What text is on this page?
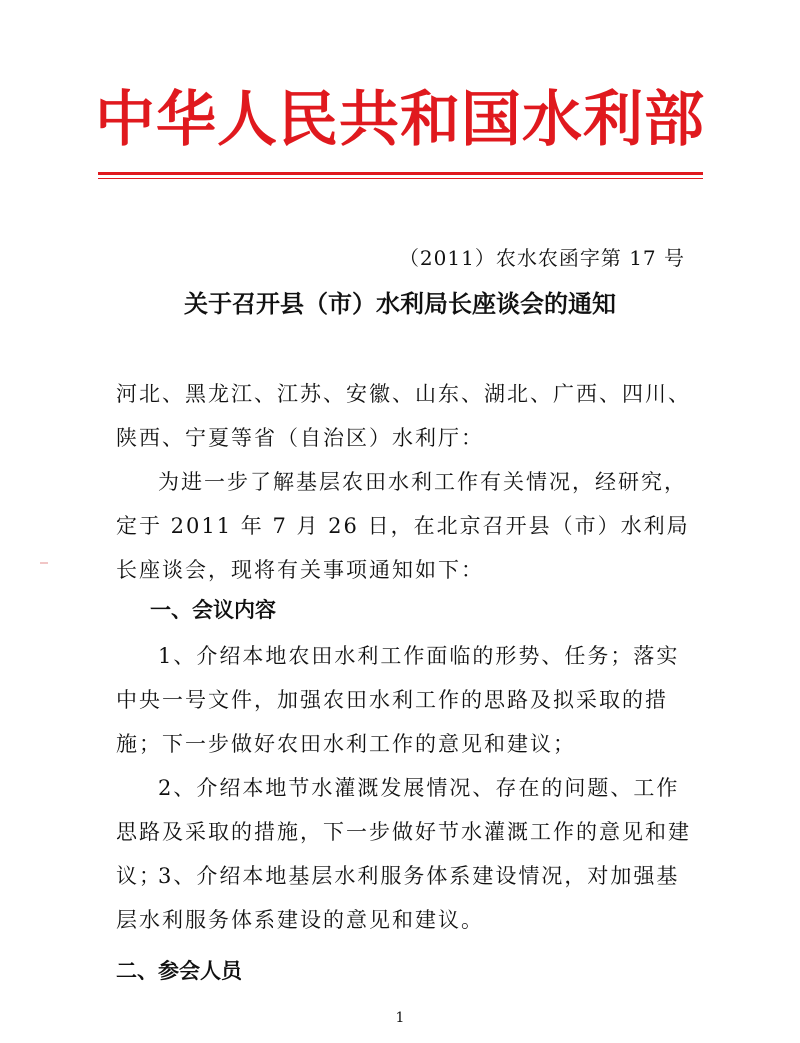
中华人民共和国水利部
（2011）农水农函字第 17 号
关于召开县（市）水利局长座谈会的通知
河北、黑龙江、江苏、安徽、山东、湖北、广西、四川、陕西、宁夏等省（自治区）水利厅：
为进一步了解基层农田水利工作有关情况，经研究，定于 2011 年 7 月 26 日，在北京召开县（市）水利局长座谈会，现将有关事项通知如下：
一、会议内容
1、介绍本地农田水利工作面临的形势、任务；落实中央一号文件，加强农田水利工作的思路及拟采取的措施；下一步做好农田水利工作的意见和建议；
2、介绍本地节水灌溉发展情况、存在的问题、工作思路及采取的措施，下一步做好节水灌溉工作的意见和建议；
3、介绍本地基层水利服务体系建设情况，对加强基层水利服务体系建设的意见和建议。
二、参会人员
1
